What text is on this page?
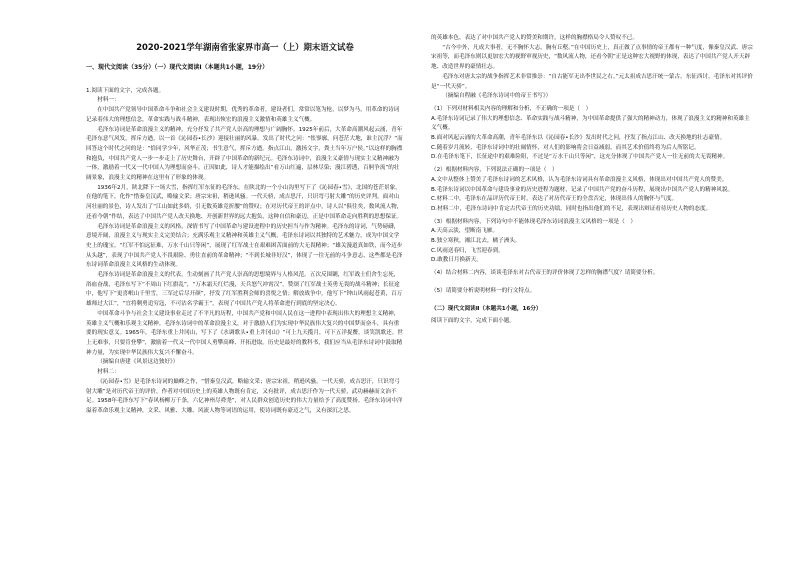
2020-2021学年湖南省张家界市高一（上）期末语文试卷
一、现代文阅读（35分）（一）现代文阅读Ⅰ（本题共1小题，19分）

1.阅读下面的文字，完成各题。

材料一：

在中国共产党领导中国革命斗争和社会主义建设时期，优秀的革命者，建设者们，常常以笔为枪，以梦为马，用革命的诗词记录着伟大的理想信念，革命实践与战斗精神，表现出恢宏的浪漫主义激情和英雄主义气概。

毛泽东诗词是革命浪漫主义的精神，充分抒发了共产党人崇高的理想与广阔胸怀。1925年前后，大革命高潮风起云涌，青年毛泽东意气风发，挥斥方遒，以一首《沁园春•长沙》迎接壮丽的风暴，发出了时代之问：“怅寥廓，问苍茫大地，谁主沉浮？”而回答这个时代之问的是：“恰同学少年，风华正茂；书生意气，挥斥方遒。指点江山，激扬文字，粪土当年万户侯。”以这样的胸襟和抱负，中国共产党人一步一步走上了历史舞台，开辟了中国革命的新纪元。毛泽东诗词中，浪漫主义豪情与现实主义精神融为一体，激励着一代又一代中国人为理想而奋斗。正因如此，诗人才能描绘出“看万山红遍，层林尽染；漫江碧透，百舸争流”的壮阔景象，浪漫主义的精神在这里有了形象的体现。

1936年2月，陕北降下一场大雪，指挥红军东征的毛泽东，在陕北的一个小山沟里写下了《沁园春•雪》，北国的苍茫景象，在他的笔下，化作“惜秦皇汉武，略输文采；唐宗宋祖，稍逊风骚。一代天骄，成吉思汗，只识弯弓射大雕”的历史评判。面对山河壮丽的景色，诗人发出了“江山如此多娇，引无数英雄竞折腰”的赞叹；在对历代帝王的评点中，诗人以“俱往矣，数风流人物，还看今朝”作结，表达了中国共产党人改天换地、开创新世界的远大抱负，这种自信和豪迈，正是中国革命走向胜利的思想保证。

毛泽东诗词是革命浪漫主义的风格，深情书写了中国革命与建设进程中的历史担当与作为精神。毛泽东的诗词，气势磅礴，意境开阔，浪漫主义与现实主义完美结合；充满乐观主义精神和英雄主义气概，毛泽东诗词以其独特的艺术魅力，成为中国文学史上的瑰宝。“红军不怕远征难，万水千山只等闲”，展现了红军战士在艰难困苦面前的大无畏精神；“雄关漫道真如铁，而今迈步从头越”，表现了中国共产党人不畏艰险、勇往直前的革命精神；“不到长城非好汉”，体现了一往无前的斗争意志，这些都是毛泽东诗词革命浪漫主义风格的生动体现。

毛泽东诗词是革命浪漫主义的代表，生动刻画了共产党人崇高的思想境界与人格风范。五次反围剿，红军战士们舍生忘死，浴血奋战，毛泽东写下“不周山下红旗乱”，“万木霜天红烂漫，天兵怒气冲霄汉”，赞颂了红军战士英勇无畏的战斗精神；长征途中，他写下“更喜岷山千里雪，三军过后尽开颜”，抒发了红军胜利会师的喜悦之情；解放战争中，他写下“钟山风雨起苍黄，百万雄师过大江”，“宜将剩勇追穷寇，不可沽名学霸王”，表现了中国共产党人将革命进行到底的坚定决心。

中国革命斗争与社会主义建设事业走过了不平凡的历程，中国共产党和中国人民在这一进程中表现出伟大的理想主义精神，英雄主义气概和乐观主义精神。毛泽东诗词中的革命浪漫主义，对于激励人们为实现中华民族伟大复兴的中国梦而奋斗，具有重要的现实意义。1965年，毛泽东重上井冈山，写下了《水调歌头•重上井冈山》“可上九天揽月，可下五洋捉鳖，谈笑凯歌还。世上无难事，只要肯登攀”，激励着一代又一代中国人勇攀高峰、开拓进取。历史是最好的教科书，我们应当从毛泽东诗词中汲取精神力量，为实现中华民族伟大复兴不懈奋斗。

（摘编自唐建《风景这边独好》）

材料二：

《沁园春•雪》是毛泽东诗词的巅峰之作，“惜秦皇汉武，略输文采；唐宗宋祖，稍逊风骚。一代天骄，成吉思汗，只识弯弓射大雕”是对历代帝王的评价，作者对中国历史上的英雄人物既有肯定，又有批评，成吉思汗作为一代天骄，武功赫赫而文治不足。1958年毛泽东写下“春风杨柳万千条，六亿神州尽舜尧”，对人民群众创造历史的伟大力量给予了高度赞扬。毛泽东诗词中洋溢着革命乐观主义精神，文采、风雅、大雕、风流人物等词语的运用，使诗词既有豪迈之气，又有深沉之思。

的英雄本色，表达了对中国共产党人的赞美和期许，这样的胸襟格局令人赞叹不已。

“古今中外，凡成大事者，无不胸怀大志，胸有丘壑。”在中国历史上，真正做了点事情的帝王都有一种气度，像秦皇汉武、唐宗宋祖等，而毛泽东则以更加宏大的视野审视历史，“数风流人物，还看今朝”正是这种宏大视野的体现，表达了中国共产党人开天辟地、改造世界的豪情壮志。

毛泽东对唐太宗的战争指挥艺术非常推崇：“自古能军无出李世民之右。”元太祖成吉思汗统一蒙古，东征西讨，毛泽东对其评价是“一代天骄”。

（摘编自程融《毛泽东诗词中的帝王书写》）

（1）下列对材料相关内容的理解和分析，不正确的一项是（　）

A.毛泽东诗词记录了伟大的理想信念、革命实践与战斗精神，为中国革命提供了强大的精神动力，体现了浪漫主义的精神和英雄主义气概。

B.面对风起云涌的大革命高潮，青年毛泽东以《沁园春•长沙》发出时代之问，抒发了指点江山、改天换地的壮志豪情。

C.随着岁月流转，毛泽东诗词中的壮阔情怀，对人们的影响将会日益减弱，而其艺术价值终将为后人所铭记。

D.在毛泽东笔下，长征途中的艰难险阻，不过是“万水千山只等闲”，这充分体现了中国共产党人一往无前的大无畏精神。

（2）根据材料内容，下列说法正确的一项是（　）

A.文中从整体上赞美了毛泽东诗词的艺术风格，认为毛泽东诗词具有革命浪漫主义风格，体现出对中国共产党人的赞美。

B.毛泽东诗词以中国革命与建设事业的历史进程为题材，记录了中国共产党的奋斗历程，展现出中国共产党人的精神风貌。

C.材料二中，毛泽东在品评历代帝王时，表达了对历代帝王的全盘否定，体现出伟人的胸怀与气度。

D.材料二中，毛泽东诗词中肯定古代帝王的历史功绩，同时也指出他们的不足，表现出辩证看待历史人物的态度。

（3）根据材料内容，下列诗句中不能体现毛泽东诗词浪漫主义风格的一项是（　）

A.天高云淡，望断南飞雁。

B.独立寒秋，湘江北去，橘子洲头。

C.风雨送春归，飞雪迎春到。

D.敢教日月换新天。

（4）结合材料二内容，谈谈毛泽东对古代帝王的评价体现了怎样的胸襟气度？请简要分析。

（5）请简要分析说明材料一的行文特点。

（二）现代文阅读Ⅱ（本题共1小题，16分）

阅读下面的文字，完成下面小题。
